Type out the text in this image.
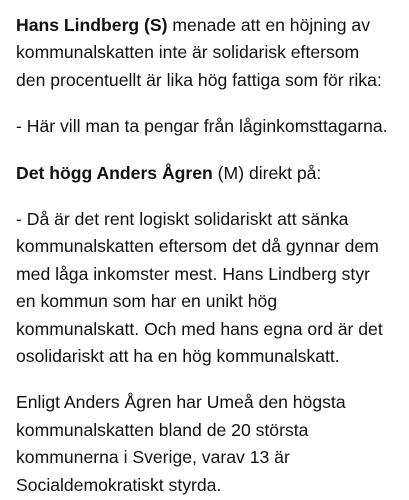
Hans Lindberg (S) menade att en höjning av
kommunalskatten inte är solidarisk eftersom
den procentuellt är lika hög fattiga som för rika:

- Här vill man ta pengar från låginkomsttagarna.

Det högg Anders Ågren (M) direkt på:

- Då är det rent logiskt solidariskt att sänka
kommunalskatten eftersom det då gynnar dem
med låga inkomster mest. Hans Lindberg styr
en kommun som har en unikt hög
kommunalskatt. Och med hans egna ord är det
osolidariskt att ha en hög kommunalskatt.

Enligt Anders Ågren har Umeå den högsta
kommunalskatten bland de 20 största
kommunerna i Sverige, varav 13 är
Socialdemokratiskt styrda.
